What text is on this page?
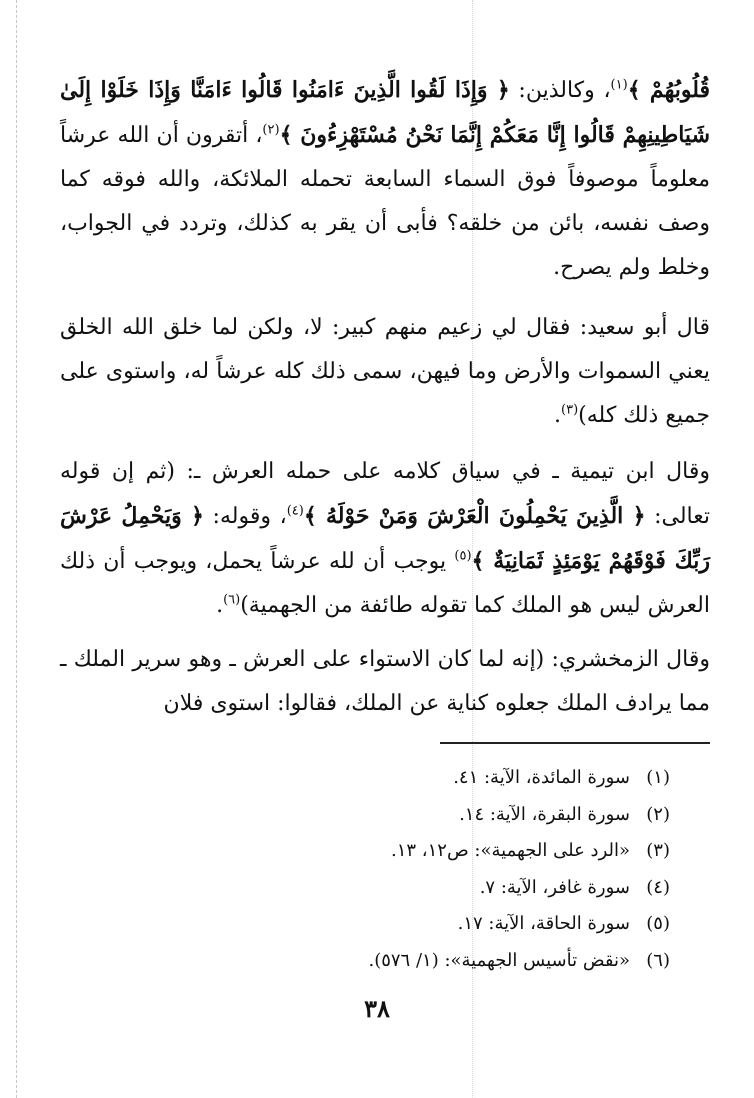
قُلُوبُهُمْ ﴾$^{(١)}$، وكالذين: ﴿ وَإِذَا لَقُوا الَّذِينَ ءَامَنُوا قَالُوا ءَامَنَّا وَإِذَا خَلَوْا إِلَىٰ شَيَاطِينِهِمْ قَالُوا إِنَّا مَعَكُمْ إِنَّمَا نَحْنُ مُسْتَهْزِءُونَ ﴾$^{(٢)}$، أتقرون أن الله عرشاً معلوماً موصوفاً فوق السماء السابعة تحمله الملائكة، والله فوقه كما وصف نفسه، بائن من خلقه؟ فأبى أن يقر به كذلك، وتردد في الجواب، وخلط ولم يصرح.

قال أبو سعيد: فقال لي زعيم منهم كبير: لا، ولكن لما خلق الله الخلق يعني السموات والأرض وما فيهن، سمى ذلك كله عرشاً له، واستوى على جميع ذلك كله)$^{(٣)}$.

وقال ابن تيمية ـ في سياق كلامه على حمله العرش ـ: (ثم إن قوله تعالى: ﴿ الَّذِينَ يَحْمِلُونَ الْعَرْشَ وَمَنْ حَوْلَهُ ﴾$^{(٤)}$، وقوله: ﴿ وَيَحْمِلُ عَرْشَ رَبِّكَ فَوْقَهُمْ يَوْمَئِذٍ ثَمَانِيَةٌ ﴾$^{(٥)}$ يوجب أن لله عرشاً يحمل، ويوجب أن ذلك العرش ليس هو الملك كما تقوله طائفة من الجهمية)$^{(٦)}$.

وقال الزمخشري: (إنه لما كان الاستواء على العرش ـ وهو سرير الملك ـ مما يرادف الملك جعلوه كناية عن الملك، فقالوا: استوى فلان

(١)سورة المائدة، الآية: ٤١.
(٢)سورة البقرة، الآية: ١٤.
(٣)«الرد على الجهمية»: ص١٢، ١٣.
(٤)سورة غافر، الآية: ٧.
(٥)سورة الحاقة، الآية: ١٧.
(٦)«نقض تأسيس الجهمية»: (١/ ٥٧٦).
٣٨
